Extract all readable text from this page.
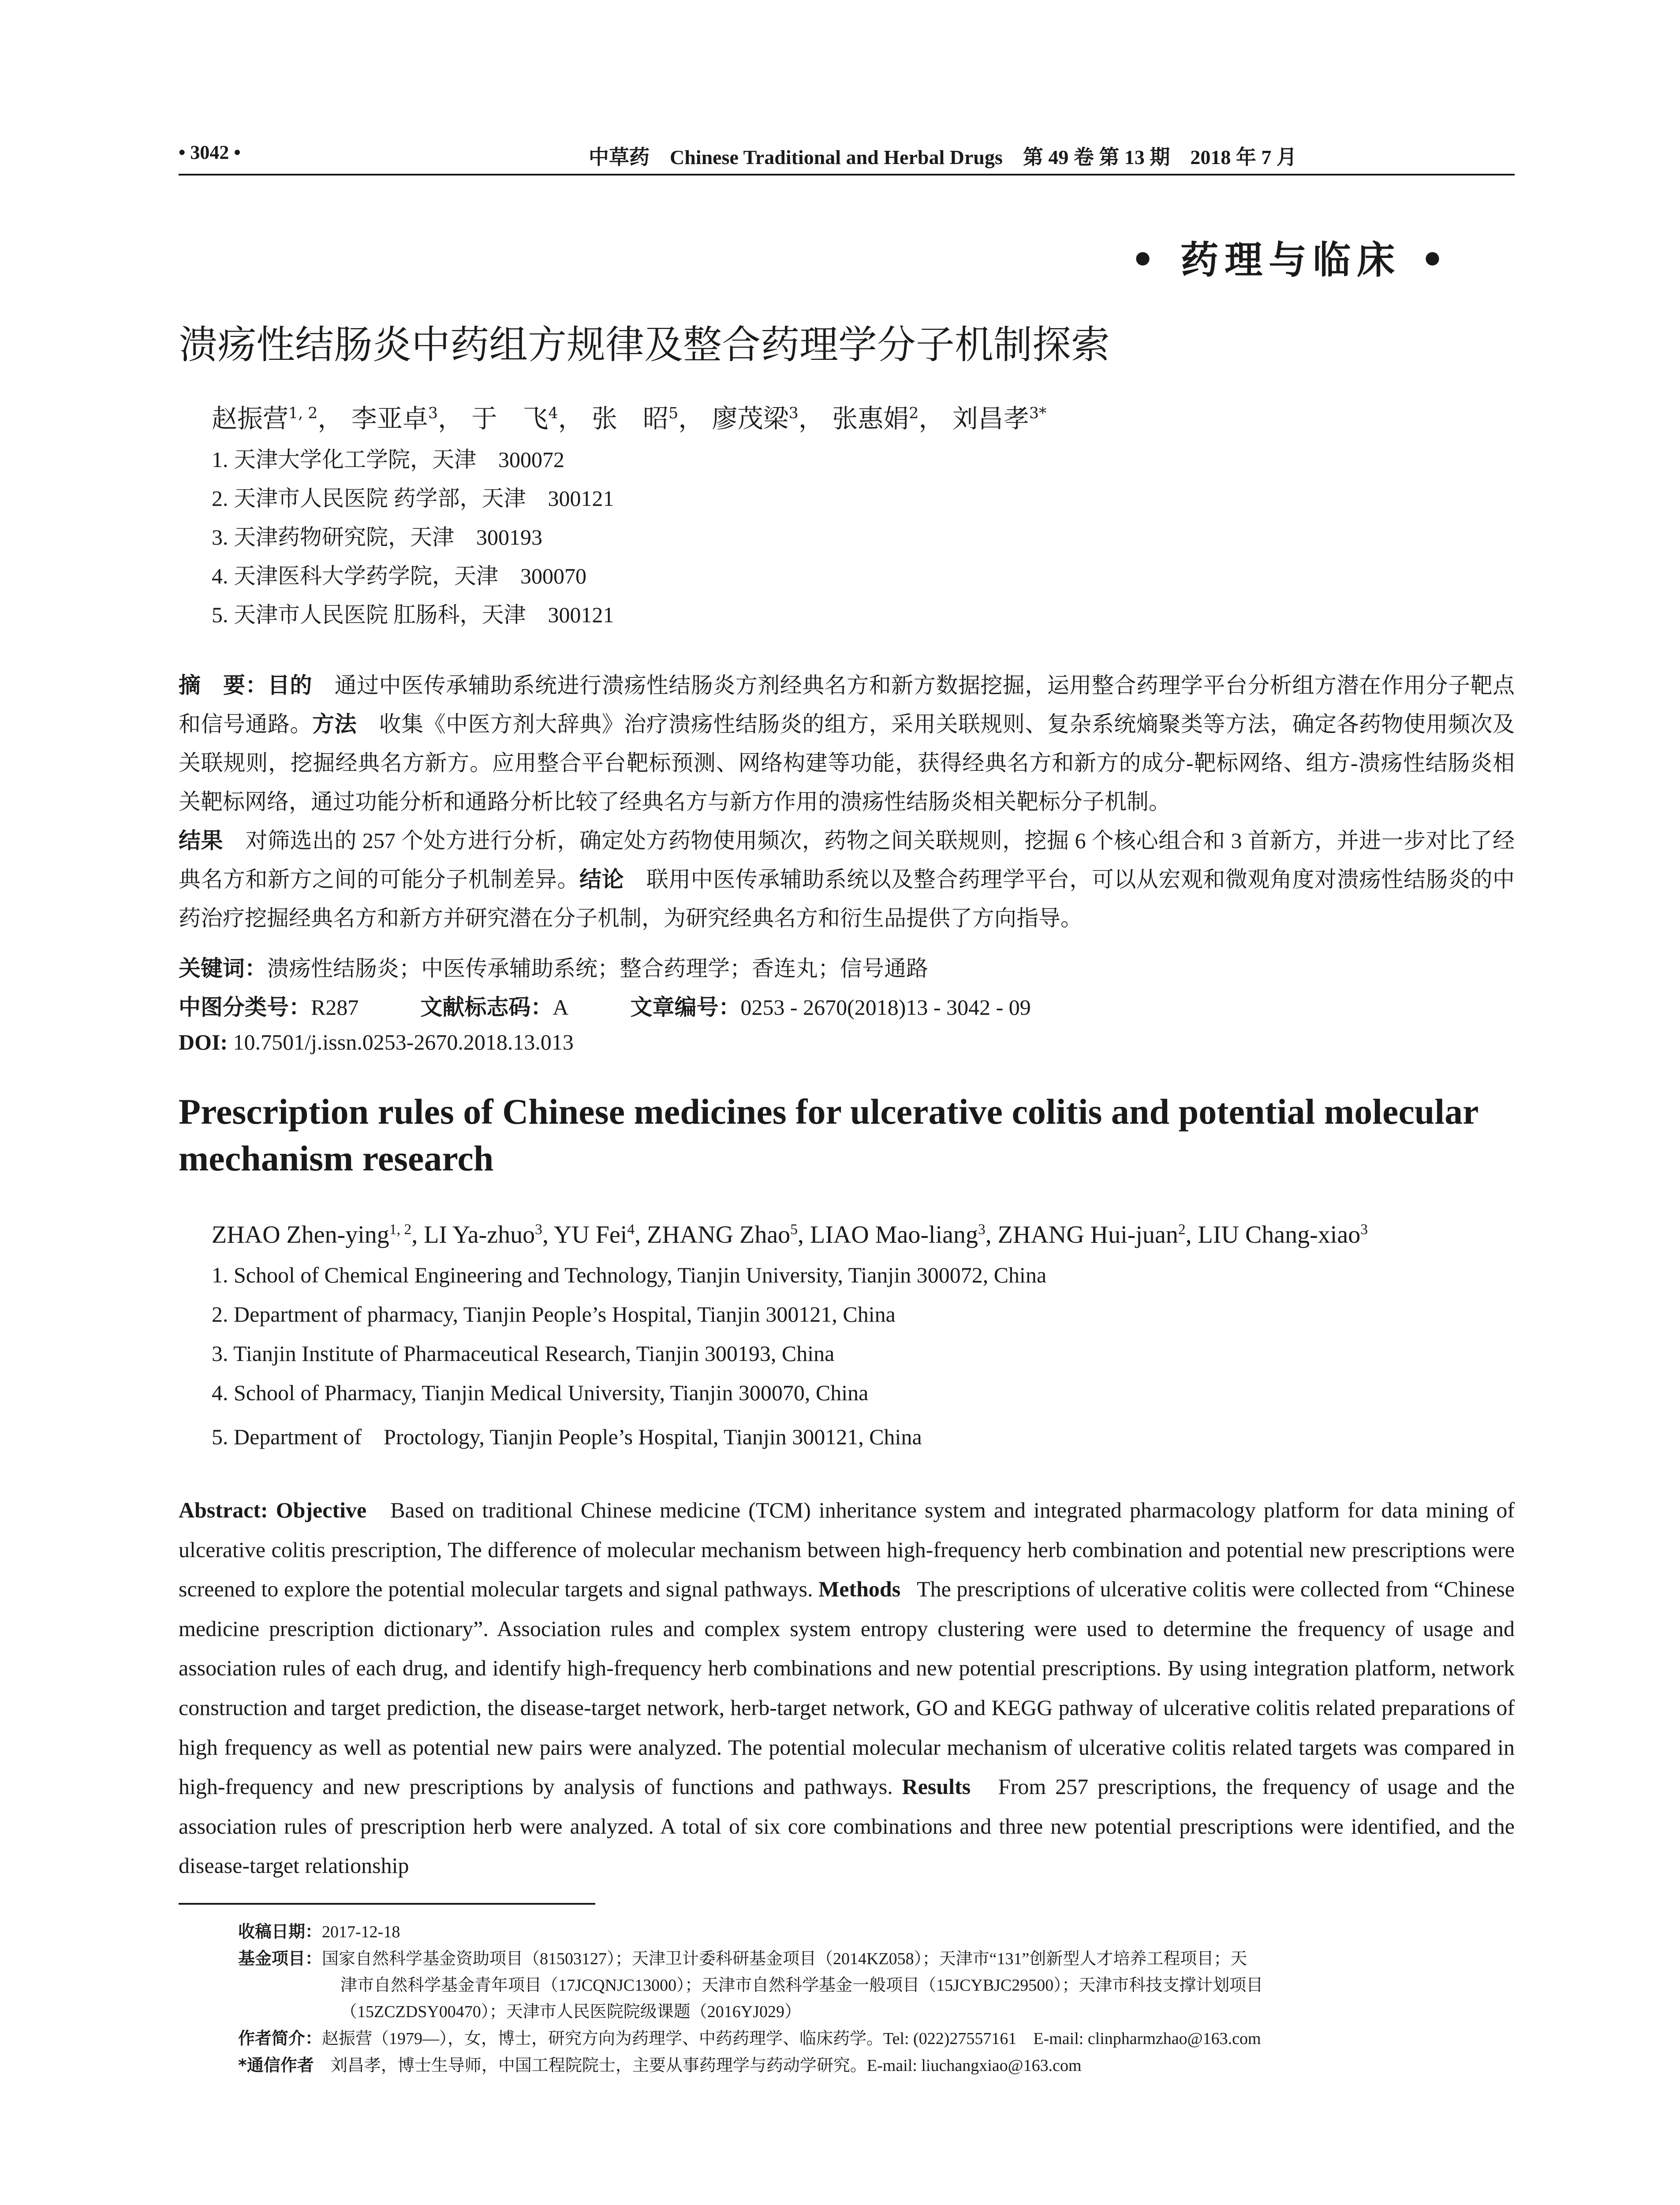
• 3042 •	中草药　Chinese Traditional and Herbal Drugs　第 49 卷 第 13 期　2018 年 7 月
• 药理与临床 •
溃疡性结肠炎中药组方规律及整合药理学分子机制探索
赵振营$^{1, 2}$， 李亚卓$^3$， 于　飞$^4$， 张　昭$^5$， 廖茂梁$^3$， 张惠娟$^2$， 刘昌孝$^{3*}$
1. 天津大学化工学院，天津　300072
2. 天津市人民医院 药学部，天津　300121
3. 天津药物研究院，天津　300193
4. 天津医科大学药学院，天津　300070
5. 天津市人民医院 肛肠科，天津　300121
摘　要：目的　 通过中医传承辅助系统进行溃疡性结肠炎方剂经典名方和新方数据挖掘，运用整合药理学平台分析组方潜在作用分子靶点和信号通路。方法　 收集《中医方剂大辞典》治疗溃疡性结肠炎的组方，采用关联规则、复杂系统熵聚类等方法，确定各药物使用频次及关联规则，挖掘经典名方新方。应用整合平台靶标预测、网络构建等功能，获得经典名方和新方的成分-靶标网络、组方-溃疡性结肠炎相关靶标网络，通过功能分析和通路分析比较了经典名方与新方作用的溃疡性结肠炎相关靶标分子机制。
结果　 对筛选出的 257 个处方进行分析，确定处方药物使用频次，药物之间关联规则，挖掘 6 个核心组合和 3 首新方，并进一步对比了经典名方和新方之间的可能分子机制差异。结论　 联用中医传承辅助系统以及整合药理学平台，可以从宏观和微观角度对溃疡性结肠炎的中药治疗挖掘经典名方和新方并研究潜在分子机制，为研究经典名方和衍生品提供了方向指导。
关键词：溃疡性结肠炎；中医传承辅助系统；整合药理学；香连丸；信号通路
中图分类号：R287	文献标志码：A	文章编号：0253 - 2670(2018)13 - 3042 - 09
DOI: 10.7501/j.issn.0253-2670.2018.13.013
Prescription rules of Chinese medicines for ulcerative colitis and potential molecular mechanism research
ZHAO Zhen-ying$^{1, 2}$, LI Ya-zhuo$^3$, YU Fei$^4$, ZHANG Zhao$^5$, LIAO Mao-liang$^3$, ZHANG Hui-juan$^2$, LIU Chang-xiao$^3$
1. School of Chemical Engineering and Technology, Tianjin University, Tianjin 300072, China
2. Department of pharmacy, Tianjin People’s Hospital, Tianjin 300121, China
3. Tianjin Institute of Pharmaceutical Research, Tianjin 300193, China
4. School of Pharmacy, Tianjin Medical University, Tianjin 300070, China
5. Department of　Proctology, Tianjin People’s Hospital, Tianjin 300121, China
Abstract: Objective Based on traditional Chinese medicine (TCM) inheritance system and integrated pharmacology platform for data mining of ulcerative colitis prescription, The difference of molecular mechanism between high-frequency herb combination and potential new prescriptions were screened to explore the potential molecular targets and signal pathways. Methods The prescriptions of ulcerative colitis were collected from “Chinese medicine prescription dictionary”. Association rules and complex system entropy clustering were used to determine the frequency of usage and association rules of each drug, and identify high-frequency herb combinations and new potential prescriptions. By using integration platform, network construction and target prediction, the disease-target network, herb-target network, GO and KEGG pathway of ulcerative colitis related preparations of high frequency as well as potential new pairs were analyzed. The potential molecular mechanism of ulcerative colitis related targets was compared in high-frequency and new prescriptions by analysis of functions and pathways. Results From 257 prescriptions, the frequency of usage and the association rules of prescription herb were analyzed. A total of six core combinations and three new potential prescriptions were identified, and the disease-target relationship
收稿日期：2017-12-18
基金项目：国家自然科学基金资助项目（81503127）；天津卫计委科研基金项目（2014KZ058）；天津市“131”创新型人才培养工程项目；天
津市自然科学基金青年项目（17JCQNJC13000）；天津市自然科学基金一般项目（15JCYBJC29500）；天津市科技支撑计划项目
（15ZCZDSY00470）；天津市人民医院院级课题（2016YJ029）
作者简介：赵振营（1979—），女，博士，研究方向为药理学、中药药理学、临床药学。Tel: (022)27557161　E-mail: clinpharmzhao@163.com
*通信作者　 刘昌孝，博士生导师，中国工程院院士，主要从事药理学与药动学研究。E-mail: liuchangxiao@163.com
